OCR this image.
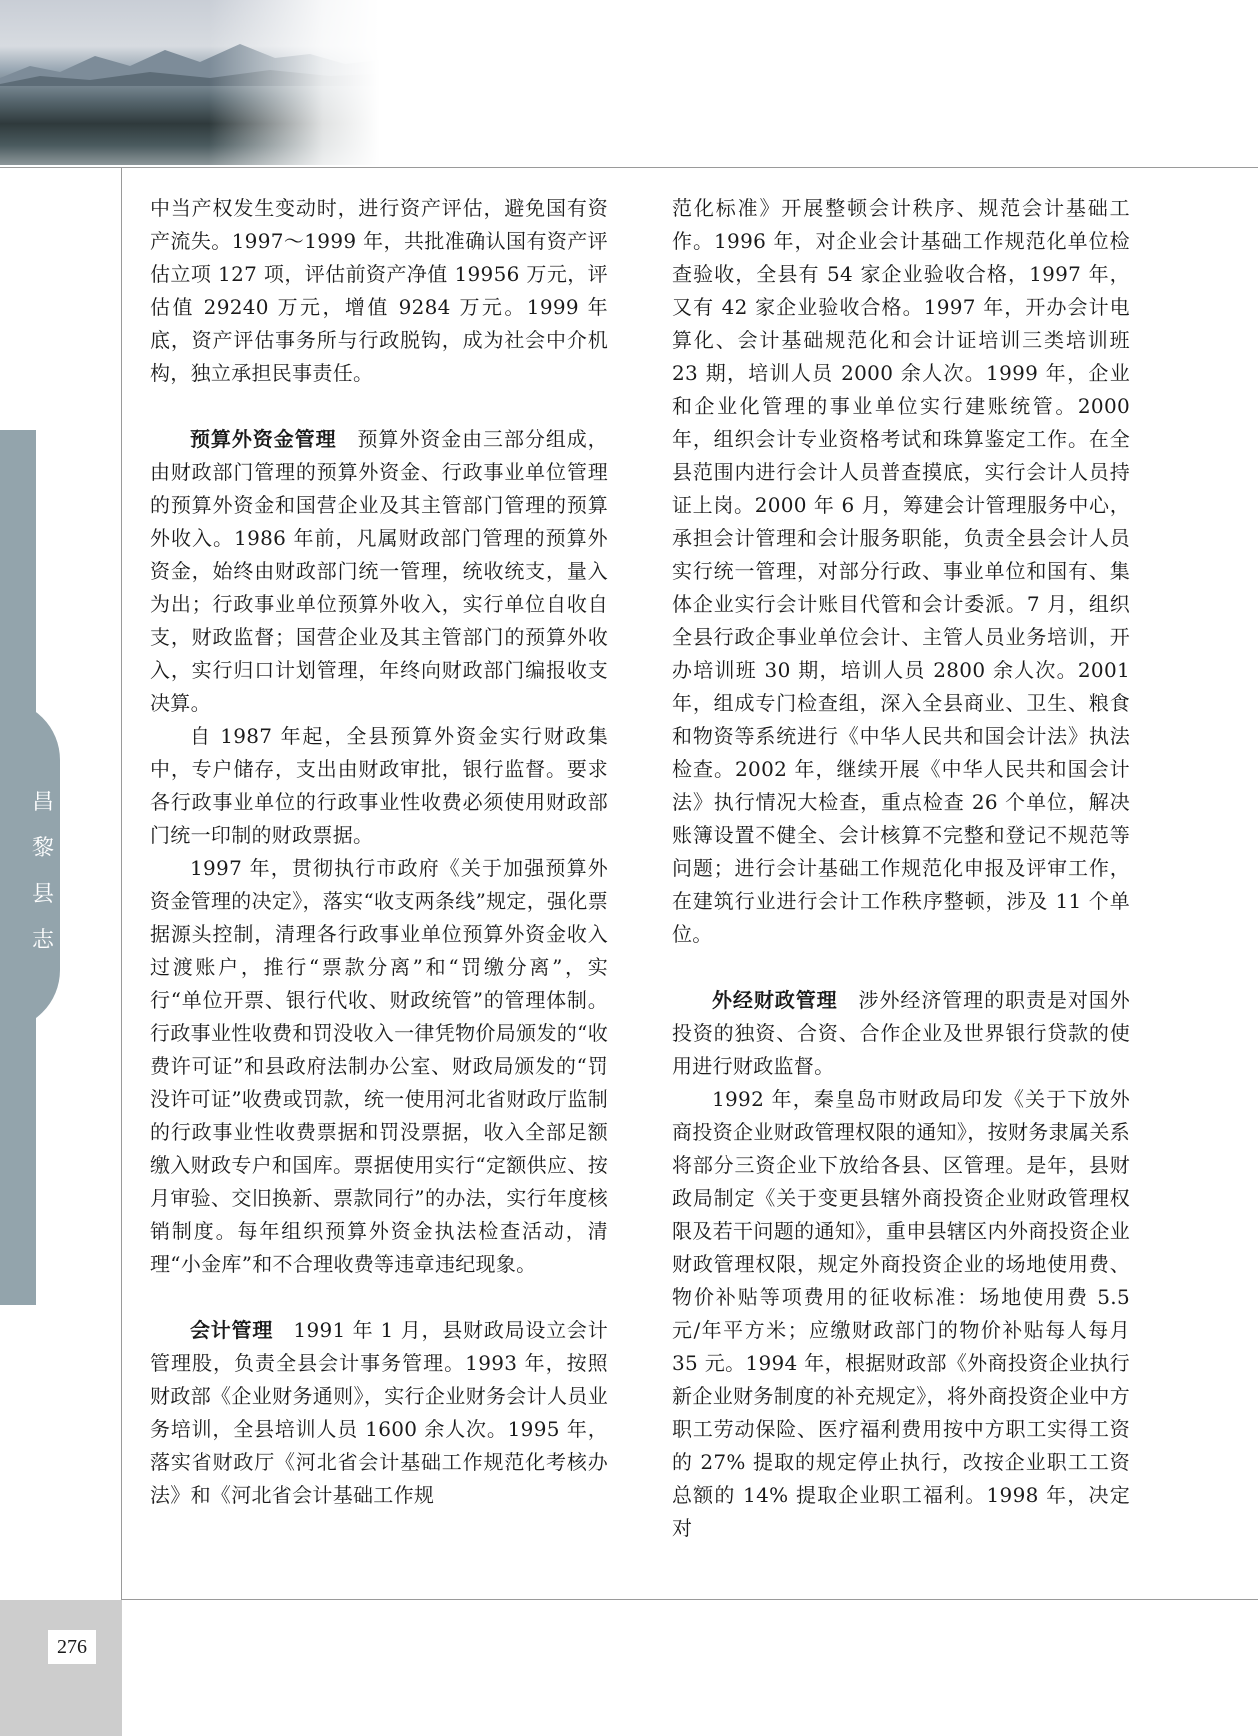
昌
黎
县
志
276

中当产权发生变动时，进行资产评估，避免国有资产流失。1997～1999 年，共批准确认国有资产评估立项 127 项，评估前资产净值 19956 万元，评估值 29240 万元，增值 9284 万元。1999 年底，资产评估事务所与行政脱钩，成为社会中介机构，独立承担民事责任。

预算外资金管理  预算外资金由三部分组成，由财政部门管理的预算外资金、行政事业单位管理的预算外资金和国营企业及其主管部门管理的预算外收入。1986 年前，凡属财政部门管理的预算外资金，始终由财政部门统一管理，统收统支，量入为出；行政事业单位预算外收入，实行单位自收自支，财政监督；国营企业及其主管部门的预算外收入，实行归口计划管理，年终向财政部门编报收支决算。

自 1987 年起，全县预算外资金实行财政集中，专户储存，支出由财政审批，银行监督。要求各行政事业单位的行政事业性收费必须使用财政部门统一印制的财政票据。

1997 年，贯彻执行市政府《关于加强预算外资金管理的决定》，落实“收支两条线”规定，强化票据源头控制，清理各行政事业单位预算外资金收入过渡账户，推行“票款分离”和“罚缴分离”，实行“单位开票、银行代收、财政统管”的管理体制。行政事业性收费和罚没收入一律凭物价局颁发的“收费许可证”和县政府法制办公室、财政局颁发的“罚没许可证”收费或罚款，统一使用河北省财政厅监制的行政事业性收费票据和罚没票据，收入全部足额缴入财政专户和国库。票据使用实行“定额供应、按月审验、交旧换新、票款同行”的办法，实行年度核销制度。每年组织预算外资金执法检查活动，清理“小金库”和不合理收费等违章违纪现象。

会计管理  1991 年 1 月，县财政局设立会计管理股，负责全县会计事务管理。1993 年，按照财政部《企业财务通则》，实行企业财务会计人员业务培训，全县培训人员 1600 余人次。1995 年，落实省财政厅《河北省会计基础工作规范化考核办法》和《河北省会计基础工作规

范化标准》开展整顿会计秩序、规范会计基础工作。1996 年，对企业会计基础工作规范化单位检查验收，全县有 54 家企业验收合格，1997 年，又有 42 家企业验收合格。1997 年，开办会计电算化、会计基础规范化和会计证培训三类培训班 23 期，培训人员 2000 余人次。1999 年，企业和企业化管理的事业单位实行建账统管。2000 年，组织会计专业资格考试和珠算鉴定工作。在全县范围内进行会计人员普查摸底，实行会计人员持证上岗。2000 年 6 月，筹建会计管理服务中心，承担会计管理和会计服务职能，负责全县会计人员实行统一管理，对部分行政、事业单位和国有、集体企业实行会计账目代管和会计委派。7 月，组织全县行政企事业单位会计、主管人员业务培训，开办培训班 30 期，培训人员 2800 余人次。2001 年，组成专门检查组，深入全县商业、卫生、粮食和物资等系统进行《中华人民共和国会计法》执法检查。2002 年，继续开展《中华人民共和国会计法》执行情况大检查，重点检查 26 个单位，解决账簿设置不健全、会计核算不完整和登记不规范等问题；进行会计基础工作规范化申报及评审工作，在建筑行业进行会计工作秩序整顿，涉及 11 个单位。

外经财政管理  涉外经济管理的职责是对国外投资的独资、合资、合作企业及世界银行贷款的使用进行财政监督。

1992 年，秦皇岛市财政局印发《关于下放外商投资企业财政管理权限的通知》，按财务隶属关系将部分三资企业下放给各县、区管理。是年，县财政局制定《关于变更县辖外商投资企业财政管理权限及若干问题的通知》，重申县辖区内外商投资企业财政管理权限，规定外商投资企业的场地使用费、物价补贴等项费用的征收标准：场地使用费 5.5 元/年平方米；应缴财政部门的物价补贴每人每月 35 元。1994 年，根据财政部《外商投资企业执行新企业财务制度的补充规定》，将外商投资企业中方职工劳动保险、医疗福利费用按中方职工实得工资的 27% 提取的规定停止执行，改按企业职工工资总额的 14% 提取企业职工福利。1998 年，决定对
